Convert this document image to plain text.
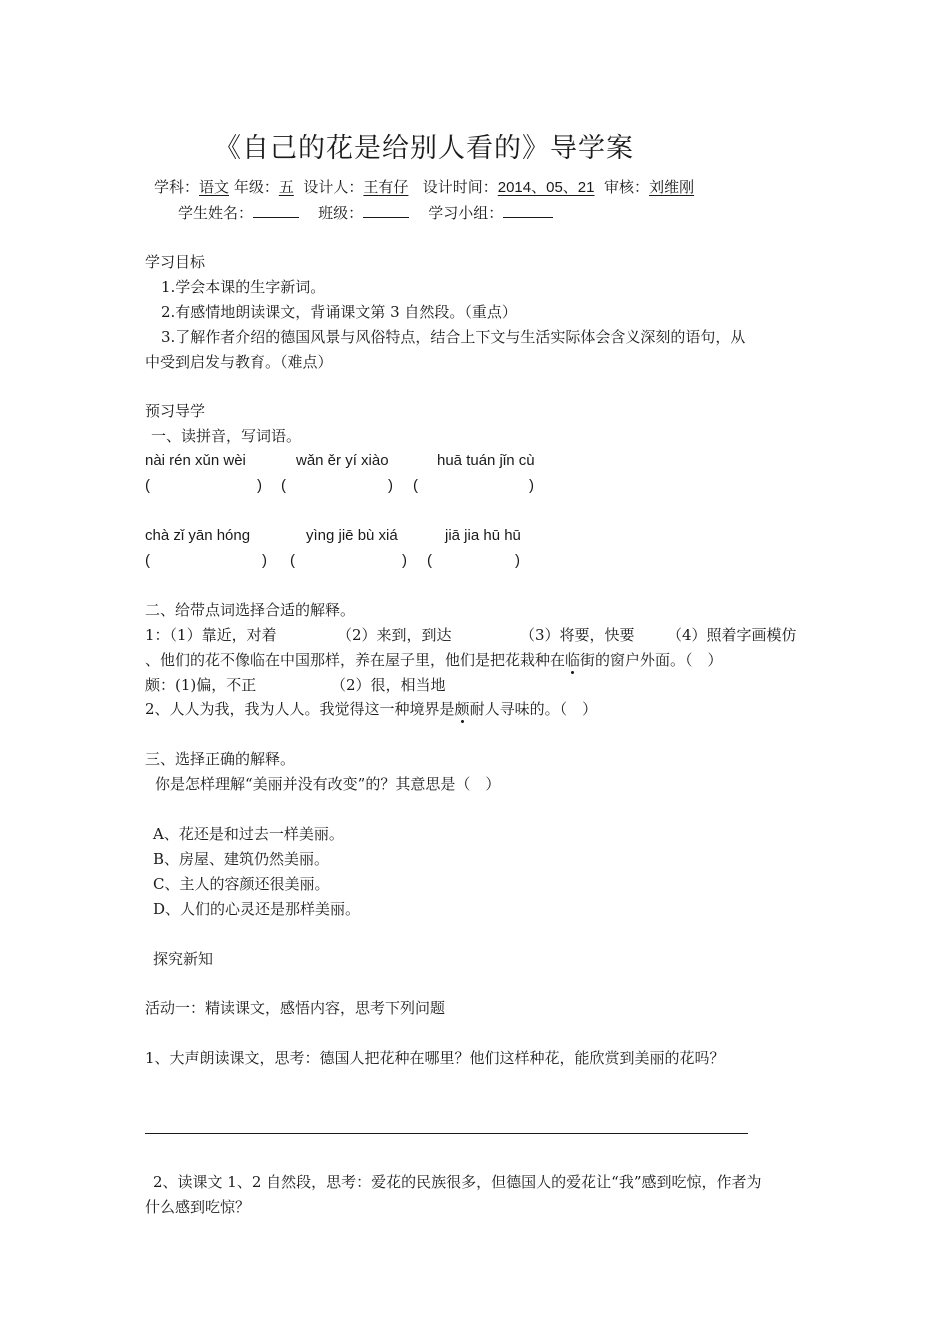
《自己的花是给别人看的》导学案
学科：语文 年级：五 设计人：王有仔 设计时间：2014、05、21 审核：刘维刚
学生姓名：	班级：	学习小组：
学习目标
1.学会本课的生字新词。
2.有感情地朗读课文，背诵课文第 3 自然段。（重点）
3.了解作者介绍的德国风景与风俗特点，结合上下文与生活实际体会含义深刻的语句，从
中受到启发与教育。（难点）
预习导学
一、读拼音，写词语。
nài rén xǔn wèi	wǎn ěr yí xiào	huā tuán jǐn cù
(	) (	) (	)
chà zǐ yān hóng	yìng jiē bù xiá	jiā jia hū hū
(	) (	) (	)
二、给带点词选择合适的解释。
1：（1）靠近，对着	（2）来到，到达	（3）将要，快要 （4）照着字画模仿
、他们的花不像临在中国那样，养在屋子里，他们是把花栽种在临街的窗户外面。（　）
颇：(1)偏，不正	（2）很，相当地
2、人人为我，我为人人。我觉得这一种境界是颇耐人寻味的。（　）
三、选择正确的解释。
你是怎样理解“美丽并没有改变”的？其意思是（　）
A、花还是和过去一样美丽。
B、房屋、建筑仍然美丽。
C、主人的容颜还很美丽。
D、人们的心灵还是那样美丽。
探究新知
活动一：精读课文，感悟内容，思考下列问题
1、大声朗读课文，思考：德国人把花种在哪里？他们这样种花，能欣赏到美丽的花吗？
2、读课文 1、2 自然段，思考：爱花的民族很多，但德国人的爱花让“我”感到吃惊，作者为
什么感到吃惊？
